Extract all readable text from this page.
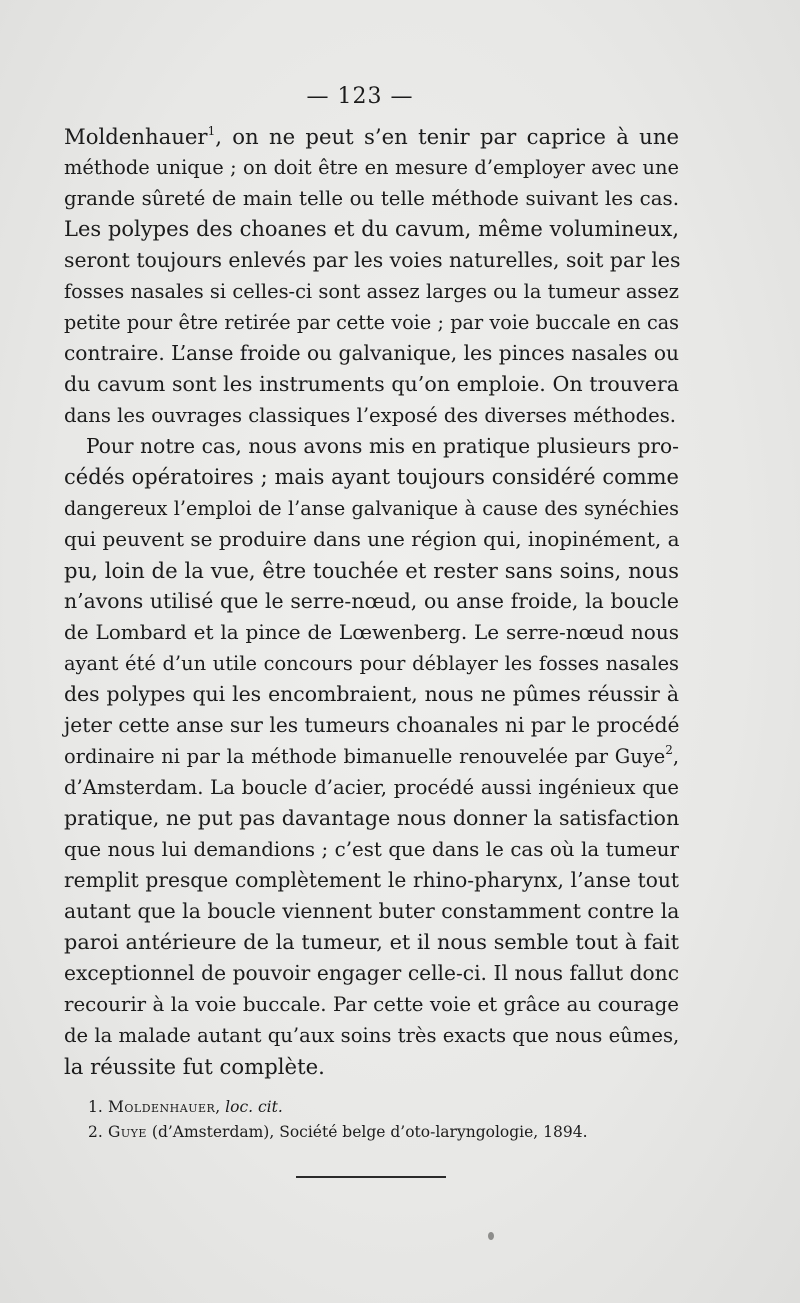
— 123 —
Moldenhauer$^1$, on ne peut s’en tenir par caprice à une
méthode unique ; on doit être en mesure d’employer avec une
grande sûreté de main telle ou telle méthode suivant les cas.
Les polypes des choanes et du cavum, même volumineux,
seront toujours enlevés par les voies naturelles, soit par les
fosses nasales si celles-ci sont assez larges ou la tumeur assez
petite pour être retirée par cette voie ; par voie buccale en cas
contraire. L’anse froide ou galvanique, les pinces nasales ou
du cavum sont les instruments qu’on emploie. On trouvera
dans les ouvrages classiques l’exposé des diverses méthodes.
Pour notre cas, nous avons mis en pratique plusieurs pro-
cédés opératoires ; mais ayant toujours considéré comme
dangereux l’emploi de l’anse galvanique à cause des synéchies
qui peuvent se produire dans une région qui, inopinément, a
pu, loin de la vue, être touchée et rester sans soins, nous
n’avons utilisé que le serre-nœud, ou anse froide, la boucle
de Lombard et la pince de Lœwenberg. Le serre-nœud nous
ayant été d’un utile concours pour déblayer les fosses nasales
des polypes qui les encombraient, nous ne pûmes réussir à
jeter cette anse sur les tumeurs choanales ni par le procédé
ordinaire ni par la méthode bimanuelle renouvelée par Guye$^2$,
d’Amsterdam. La boucle d’acier, procédé aussi ingénieux que
pratique, ne put pas davantage nous donner la satisfaction
que nous lui demandions ; c’est que dans le cas où la tumeur
remplit presque complètement le rhino-pharynx, l’anse tout
autant que la boucle viennent buter constamment contre la
paroi antérieure de la tumeur, et il nous semble tout à fait
exceptionnel de pouvoir engager celle-ci. Il nous fallut donc
recourir à la voie buccale. Par cette voie et grâce au courage
de la malade autant qu’aux soins très exacts que nous eûmes,
la réussite fut complète.
1. Moldenhauer, loc. cit.
2. Guye (d’Amsterdam), Société belge d’oto-laryngologie, 1894.
